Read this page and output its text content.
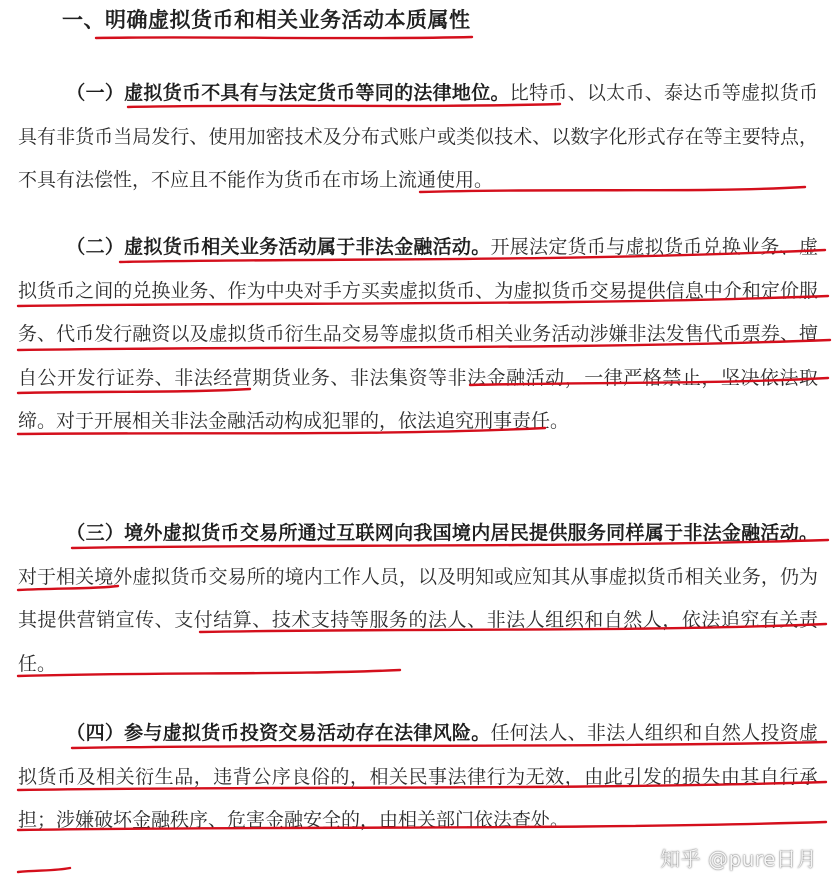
一、明确虚拟货币和相关业务活动本质属性

（一）虚拟货币不具有与法定货币等同的法律地位。比特币、以太币、泰达币等虚拟货币具有非货币当局发行、使用加密技术及分布式账户或类似技术、以数字化形式存在等主要特点，不具有法偿性，不应且不能作为货币在市场上流通使用。

（二）虚拟货币相关业务活动属于非法金融活动。开展法定货币与虚拟货币兑换业务、虚拟货币之间的兑换业务、作为中央对手方买卖虚拟货币、为虚拟货币交易提供信息中介和定价服务、代币发行融资以及虚拟货币衍生品交易等虚拟货币相关业务活动涉嫌非法发售代币票券、擅自公开发行证券、非法经营期货业务、非法集资等非法金融活动，一律严格禁止，坚决依法取缔。对于开展相关非法金融活动构成犯罪的，依法追究刑事责任。

（三）境外虚拟货币交易所通过互联网向我国境内居民提供服务同样属于非法金融活动。对于相关境外虚拟货币交易所的境内工作人员，以及明知或应知其从事虚拟货币相关业务，仍为其提供营销宣传、支付结算、技术支持等服务的法人、非法人组织和自然人，依法追究有关责任。

（四）参与虚拟货币投资交易活动存在法律风险。任何法人、非法人组织和自然人投资虚拟货币及相关衍生品，违背公序良俗的，相关民事法律行为无效，由此引发的损失由其自行承担；涉嫌破坏金融秩序、危害金融安全的，由相关部门依法查处。

知乎 @pure日月
